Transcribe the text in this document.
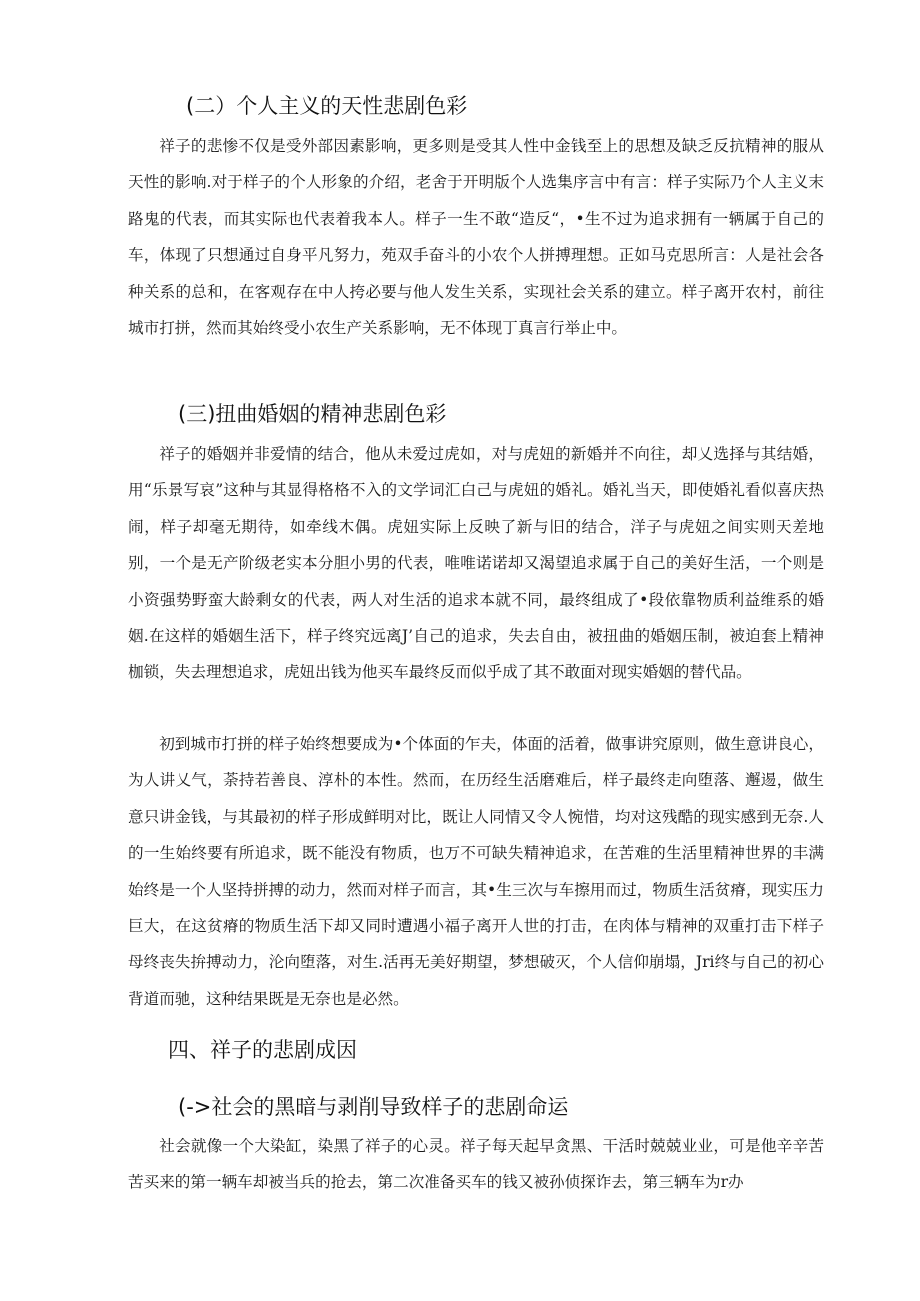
(二）个人主义的天性悲剧色彩

祥子的悲惨不仅是受外部因素影响，更多则是受其人性中金钱至上的思想及缺乏反抗精神的服从天性的影响.对于样子的个人形象的介绍，老舍于开明版个人选集序言中有言：样子实际乃个人主义末路鬼的代表，而其实际也代表着我本人。样子一生不敢“造反“，•生不过为追求拥有一辆属于自己的车，体现了只想通过自身平凡努力，苑双手奋斗的小农个人拼搏理想。正如马克思所言：人是社会各种关系的总和，在客观存在中人挎必要与他人发生关系，实现社会关系的建立。样子离开农村，前往城市打拼，然而其始终受小农生产关系影响，无不体现丁真言行举止中。

(三)扭曲婚姻的精神悲剧色彩

祥子的婚姻并非爱情的结合，他从未爱过虎如，对与虎妞的新婚并不向往，却乂选择与其结婚，用“乐景写哀”这种与其显得格格不入的文学词汇白己与虎妞的婚礼。婚礼当天，即使婚礼看似喜庆热闹，样子却毫无期待，如牵线木偶。虎妞实际上反映了新与旧的结合，洋子与虎妞之间实则天差地别，一个是无产阶级老实本分胆小男的代表，唯唯诺诺却又渴望追求属于自己的美好生活，一个则是小资强势野蛮大龄剩女的代表，两人对生活的追求本就不同，最终组成了•段依靠物质利益维系的婚姻.在这样的婚姻生活下，样子终究远离J’自己的追求，失去自由，被扭曲的婚姻压制，被迫套上精神枷锁，失去理想追求，虎妞出钱为他买车最终反而似乎成了其不敢面对现实婚姻的替代品。

初到城市打拼的样子始终想要成为•个体面的乍夫，体面的活着，做事讲究原则，做生意讲良心，为人讲乂气，荼持若善良、淳朴的本性。然而，在历经生活磨难后，样子最终走向堕落、邂逷，做生意只讲金钱，与其最初的样子形成鲜明对比，既让人同情又令人惋惜，均对这残酷的现实感到无奈.人的一生始终要有所追求，既不能没有物质，也万不可缺失精神追求，在苦难的生活里精神世界的丰满始终是一个人坚持拼搏的动力，然而对样子而言，其•生三次与车擦用而过，物质生活贫瘠，现实压力巨大，在这贫瘠的物质生活下却又同时遭遇小福子离开人世的打击，在肉体与精神的双重打击下样子母终丧失拚搏动力，沦向堕落，对生.活再无美好期望，梦想破灭，个人信仰崩塌，Jri终与自己的初心背道而驰，这种结果既是无奈也是必然。

四、祥子的悲剧成因
(->社会的黑暗与剥削导致样子的悲剧命运

社会就像一个大染缸，染黑了祥子的心灵。祥子每天起早贪黑、干活时兢兢业业，可是他辛辛苦苦买来的第一辆车却被当兵的抢去，第二次准备买车的钱又被孙侦探诈去，第三辆车为r办
